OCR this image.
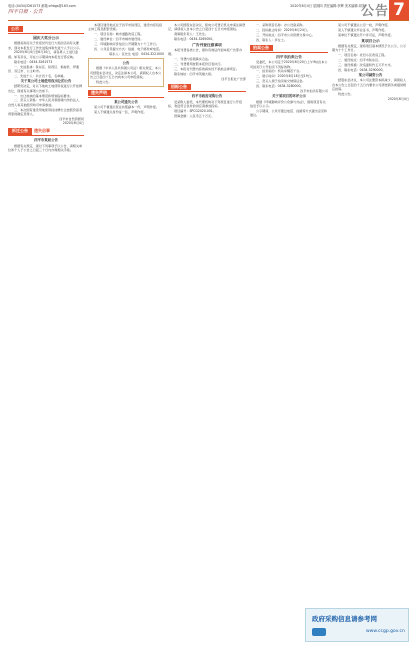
电话:(0434)3261573 邮箱:cfrbgs@163.com	2020年6月4日 星期四 责任编辑:李辉 美术编辑:刘美
四平日报 · 公告	公告 7
公示
国庆大奖分公示

根据省政府关于党报党刊发行大奖的活动有关要求，现对本报发行工作先进集体和先进个人予以公示。

2020年6月4日至6月10日，请各界人士进行监督。如有异议，可在公示期间向本报发行部反映。

联系电话：0434-3261573

一、先进集体：铁东区、铁西区、梨树县、伊通县、双辽市、公主岭市。

二、先进个人：共计四十名，名单略。

关于某公司土地使用权出让的公告

经研究决定，对以下地块土地使用权进行公开挂牌出让，现将有关事项公告如下。

一、出让地块的基本情况和规划指标要求。

二、竞买人资格：中华人民共和国境内外的法人、自然人和其他组织均可申请参加。

三、本次国有建设用地使用权挂牌出让按照价高者得原则确定竞得人。

四平市自然资源局
2020年6月4日
拆迁公告	遗失启事
四平市某局公告

根据有关规定，现对下列事项予以公告，请相关单位和个人于公告之日起三十日内办理相关手续。

本项目建设地点位于四平市铁西区，建设内容包括主体工程及配套设施。

一、项目名称：城市道路改造工程。

二、建设单位：四平市城市建设局。

三、环境影响评价信息公开期限为十个工作日。

四、公众意见提交方式：信函、电子邮件或电话。

联系人：张先生 电话：0434-3221000
公告

根据《中华人民共和国公司法》相关规定，本公司经股东会决议，决定注销本公司，请债权人自本公告之日起四十五日内向本公司申报债权。

特此公告。

遗失声明
某公司遗失公告

某公司不慎遗失营业执照副本一份，声明作废。

某人不慎遗失身份证一张，声明作废。

本公司经股东会决议，拟向公司登记机关申请注销登记，请债权人自本公告之日起四十五日内申报债权。

清算组负责人：王先生。

联系电话：0434-3265000。

广告刊登注意事项

本报刊登各类公告，须持有效证件到本报广告部办理。

一、刊登内容须真实合法。

二、刊登费用按照本报价目表执行。

三、本报对刊登内容的真实性不承担法律责任。

联系地址：四平市英雄大街。

四平日报社广告部
招标公告
四平市政府采购公告

受采购人委托，本代理机构对下列项目进行公开招标，欢迎符合条件的供应商参加投标。

项目编号：SPCG2020-001。

预算金额：人民币五十万元。

一、采购项目名称：办公设备采购。

二、投标截止时间：2020年6月24日。

三、开标地点：四平市公共资源交易中心。

四、联系人：李女士。

拍卖公告
四平市拍卖公告

受委托，本公司定于2020年6月20日上午9时在本公司拍卖厅公开拍卖下列标的物。

一、拍卖标的：机动车辆若干台。

二、展示时间：2020年6月18日至19日。

三、竞买人须于拍卖前交纳保证金。

四、联系电话：0434-3280000。

四平市拍卖有限公司
关于某项目的环评公示

根据《环境影响评价公众参与办法》，现将项目有关信息予以公示。

公示期间，公众可通过电话、信函等方式提出意见和建议。

某公司不慎遗失公章一枚，声明作废。

某人不慎遗失毕业证书，声明作废。

某单位不慎遗失开户许可证，声明作废。

某项目公示

根据有关规定，现将项目基本情况予以公示，公示期为十个工作日。

一、项目名称：老旧小区改造工程。

二、建设地点：四平市铁东区。

三、建设规模：改造面积约五万平方米。

四、联系电话：0434-3290000。

某公司减资公告

经股东会决议，本公司注册资本拟减少，请债权人自本公告之日起四十五日内要求公司清偿债务或提供相应担保。

特此公告。

2020年6月4日
政府采购信息请参考网
www.ccgp.gov.cn
